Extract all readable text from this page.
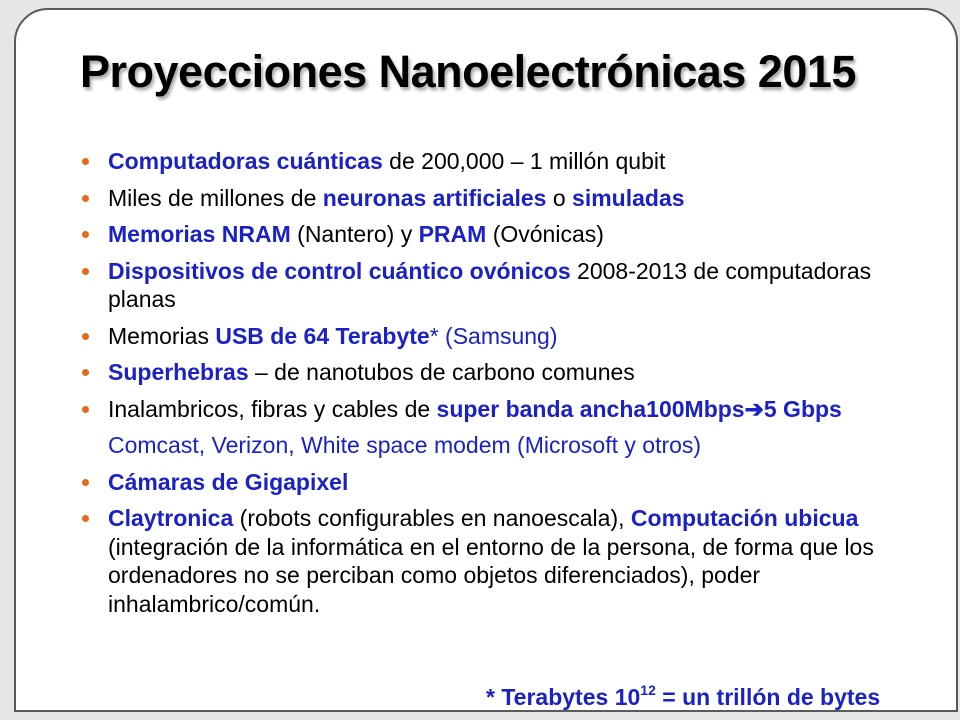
Proyecciones Nanoelectrónicas 2015
Computadoras cuánticas de 200,000 – 1 millón qubit
Miles de millones de neuronas artificiales o simuladas
Memorias NRAM (Nantero) y PRAM (Ovónicas)
Dispositivos de control cuántico ovónicos 2008-2013 de computadoras planas
Memorias USB de 64 Terabyte* (Samsung)
Superhebras – de nanotubos de carbono comunes
Inalambricos, fibras y cables de super banda ancha100Mbps➔5 Gbps
Comcast, Verizon, White space modem (Microsoft y otros)
Cámaras de Gigapixel
Claytronica (robots configurables en nanoescala), Computación ubicua (integración de la informática en el entorno de la persona, de forma que los ordenadores no se perciban como objetos diferenciados), poder inhalambrico/común.
* Terabytes $10^{12}$ = un trillón de bytes
